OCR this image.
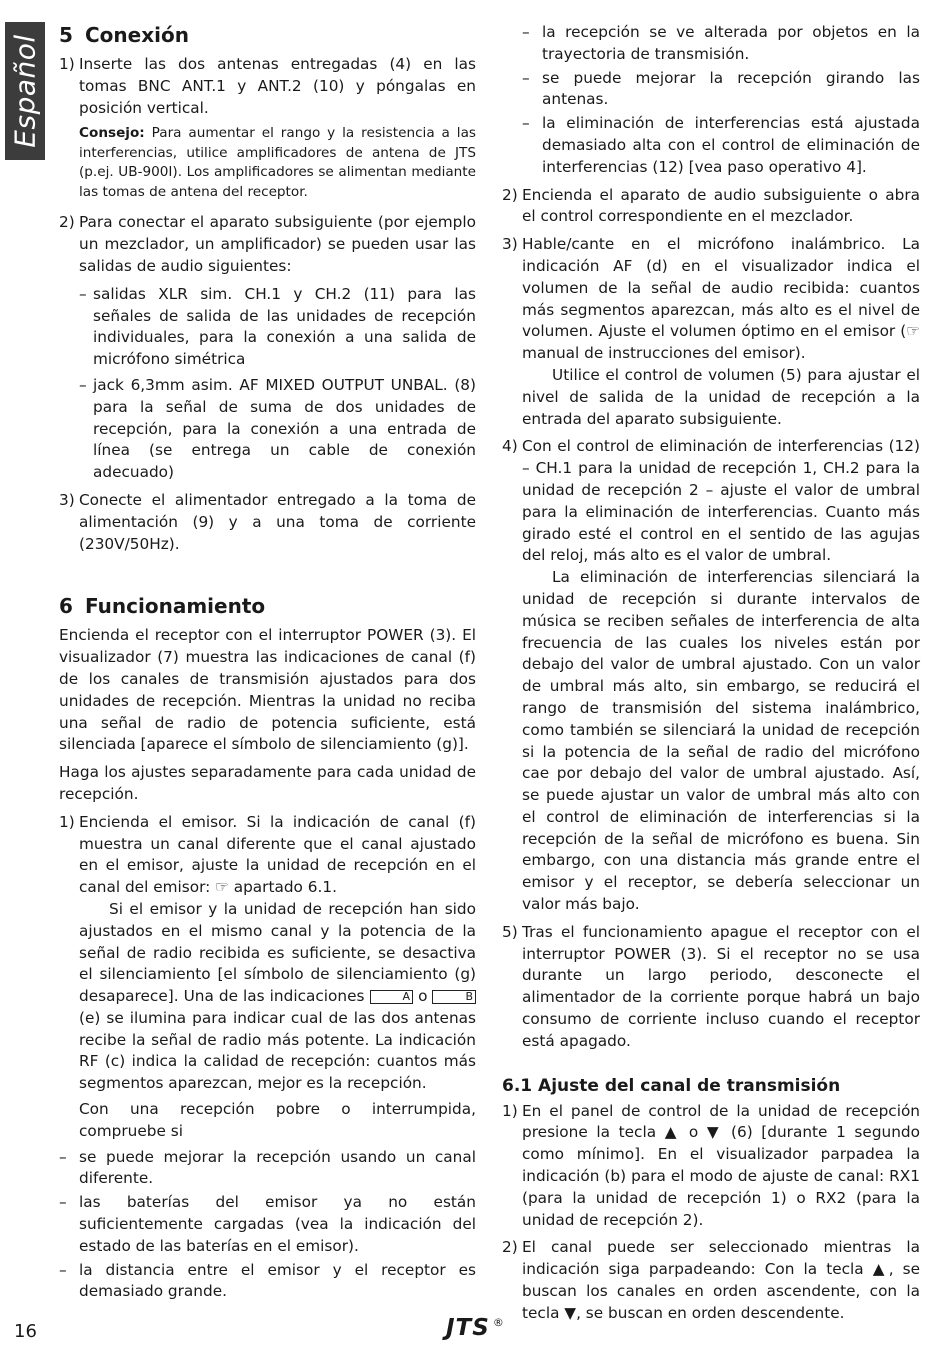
Español 5 Conexión
1) Inserte las dos antenas entregadas (4) en las tomas BNC ANT.1 y ANT.2 (10) y póngalas en posición vertical.

Consejo: Para aumentar el rango y la resistencia a las interferencias, utilice amplificadores de antena de JTS (p.ej. UB-900I). Los amplificadores se alimentan mediante las tomas de antena del receptor.

2) Para conectar el aparato subsiguiente (por ejemplo un mezclador, un amplificador) se pueden usar las salidas de audio siguientes:

– salidas XLR sim. CH.1 y CH.2 (11) para las señales de salida de las unidades de recepción individuales, para la conexión a una salida de micrófono simétrica

– jack 6,3mm asim. AF MIXED OUTPUT UNBAL. (8) para la señal de suma de dos unidades de recepción, para la conexión a una entrada de línea (se entrega un cable de conexión adecuado)

3) Conecte el alimentador entregado a la toma de alimentación (9) y a una toma de corriente (230V/50Hz).

6 Funcionamiento

Encienda el receptor con el interruptor POWER (3). El visualizador (7) muestra las indicaciones de canal (f) de los canales de transmisión ajustados para dos unidades de recepción. Mientras la unidad no reciba una señal de radio de potencia suficiente, está silenciada [aparece el símbolo de silenciamiento (g)].

Haga los ajustes separadamente para cada unidad de recepción.

1) Encienda el emisor. Si la indicación de canal (f) muestra un canal diferente que el canal ajustado en el emisor, ajuste la unidad de recepción en el canal del emisor: ☞ apartado 6.1.

Si el emisor y la unidad de recepción han sido ajustados en el mismo canal y la potencia de la señal de radio recibida es suficiente, se desactiva el silenciamiento [el símbolo de silenciamiento (g) desaparece]. Una de las indicaciones	A o	B (e) se ilumina para indicar cual de las dos antenas recibe la señal de radio más potente. La indicación RF (c) indica la calidad de recepción: cuantos más segmentos aparezcan, mejor es la recepción.

Con una recepción pobre o interrumpida, compruebe si

– se puede mejorar la recepción usando un canal diferente.

– las baterías del emisor ya no están suficientemente cargadas (vea la indicación del estado de las baterías en el emisor).

– la distancia entre el emisor y el receptor es demasiado grande.

– la recepción se ve alterada por objetos en la trayectoria de transmisión.

– se puede mejorar la recepción girando las antenas.

– la eliminación de interferencias está ajustada demasiado alta con el control de eliminación de interferencias (12) [vea paso operativo 4].

2) Encienda el aparato de audio subsiguiente o abra el control correspondiente en el mezclador.

3) Hable/cante en el micrófono inalámbrico. La indicación AF (d) en el visualizador indica el volumen de la señal de audio recibida: cuantos más segmentos aparezcan, más alto es el nivel de volumen. Ajuste el volumen óptimo en el emisor (☞ manual de instrucciones del emisor).

Utilice el control de volumen (5) para ajustar el nivel de salida de la unidad de recepción a la entrada del aparato subsiguiente.

4) Con el control de eliminación de interferencias (12) – CH.1 para la unidad de recepción 1, CH.2 para la unidad de recepción 2 – ajuste el valor de umbral para la eliminación de interferencias. Cuanto más girado esté el control en el sentido de las agujas del reloj, más alto es el valor de umbral.

La eliminación de interferencias silenciará la unidad de recepción si durante intervalos de música se reciben señales de interferencia de alta frecuencia de las cuales los niveles están por debajo del valor de umbral ajustado. Con un valor de umbral más alto, sin embargo, se reducirá el rango de transmisión del sistema inalámbrico, como también se silenciará la unidad de recepción si la potencia de la señal de radio del micrófono cae por debajo del valor de umbral ajustado. Así, se puede ajustar un valor de umbral más alto con el control de eliminación de interferencias si la recepción de la señal de micrófono es buena. Sin embargo, con una distancia más grande entre el emisor y el receptor, se debería seleccionar un valor más bajo.

5) Tras el funcionamiento apague el receptor con el interruptor POWER (3). Si el receptor no se usa durante un largo periodo, desconecte el alimentador de la corriente porque habrá un bajo consumo de corriente incluso cuando el receptor está apagado.

6.1 Ajuste del canal de transmisión
1) En el panel de control de la unidad de recepción presione la tecla ▲ o ▼ (6) [durante 1 segundo como mínimo]. En el visualizador parpadea la indicación (b) para el modo de ajuste de canal: RX1 (para la unidad de recepción 1) o RX2 (para la unidad de recepción 2).

2) El canal puede ser seleccionado mientras la indicación siga parpadeando: Con la tecla ▲, se buscan los canales en orden ascendente, con la tecla ▼, se buscan en orden descendente.

16	JTS ®
